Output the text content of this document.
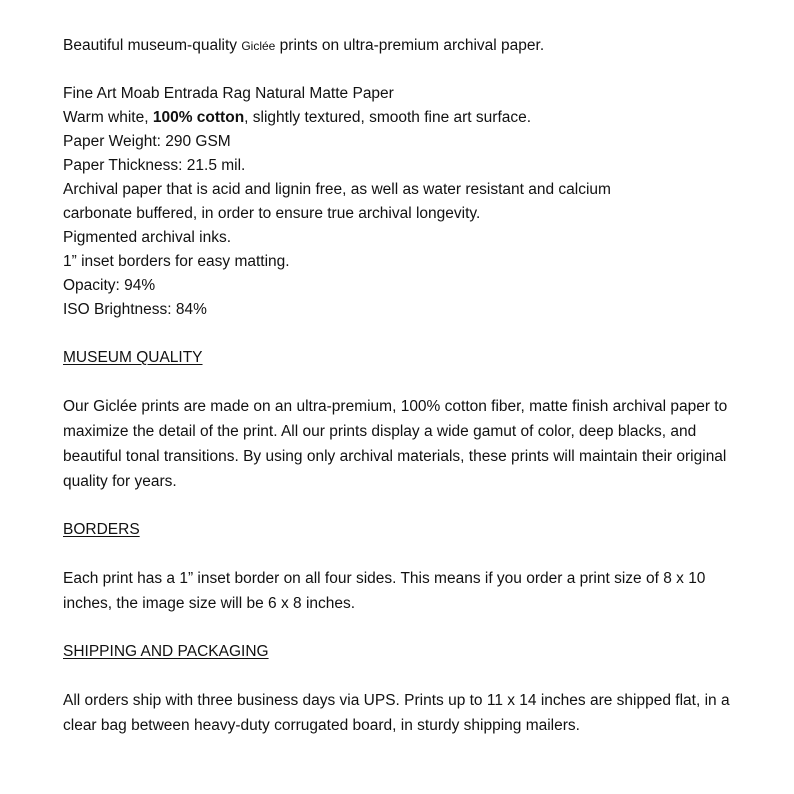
Beautiful museum-quality Giclée prints on ultra-premium archival paper.
Fine Art Moab Entrada Rag Natural Matte Paper
Warm white, 100% cotton, slightly textured, smooth fine art surface.
Paper Weight: 290 GSM
Paper Thickness: 21.5 mil.
Archival paper that is acid and lignin free, as well as water resistant and calcium
carbonate buffered, in order to ensure true archival longevity.
Pigmented archival inks.
1” inset borders for easy matting.
Opacity: 94%
ISO Brightness: 84%
MUSEUM QUALITY
Our Giclée prints are made on an ultra-premium, 100% cotton fiber, matte finish archival paper to maximize the detail of the print. All our prints display a wide gamut of color, deep blacks, and beautiful tonal transitions. By using only archival materials, these prints will maintain their original quality for years.
BORDERS
Each print has a 1” inset border on all four sides. This means if you order a print size of 8 x 10 inches, the image size will be 6 x 8 inches.
SHIPPING AND PACKAGING
All orders ship with three business days via UPS. Prints up to 11 x 14 inches are shipped flat, in a clear bag between heavy-duty corrugated board, in sturdy shipping mailers.
